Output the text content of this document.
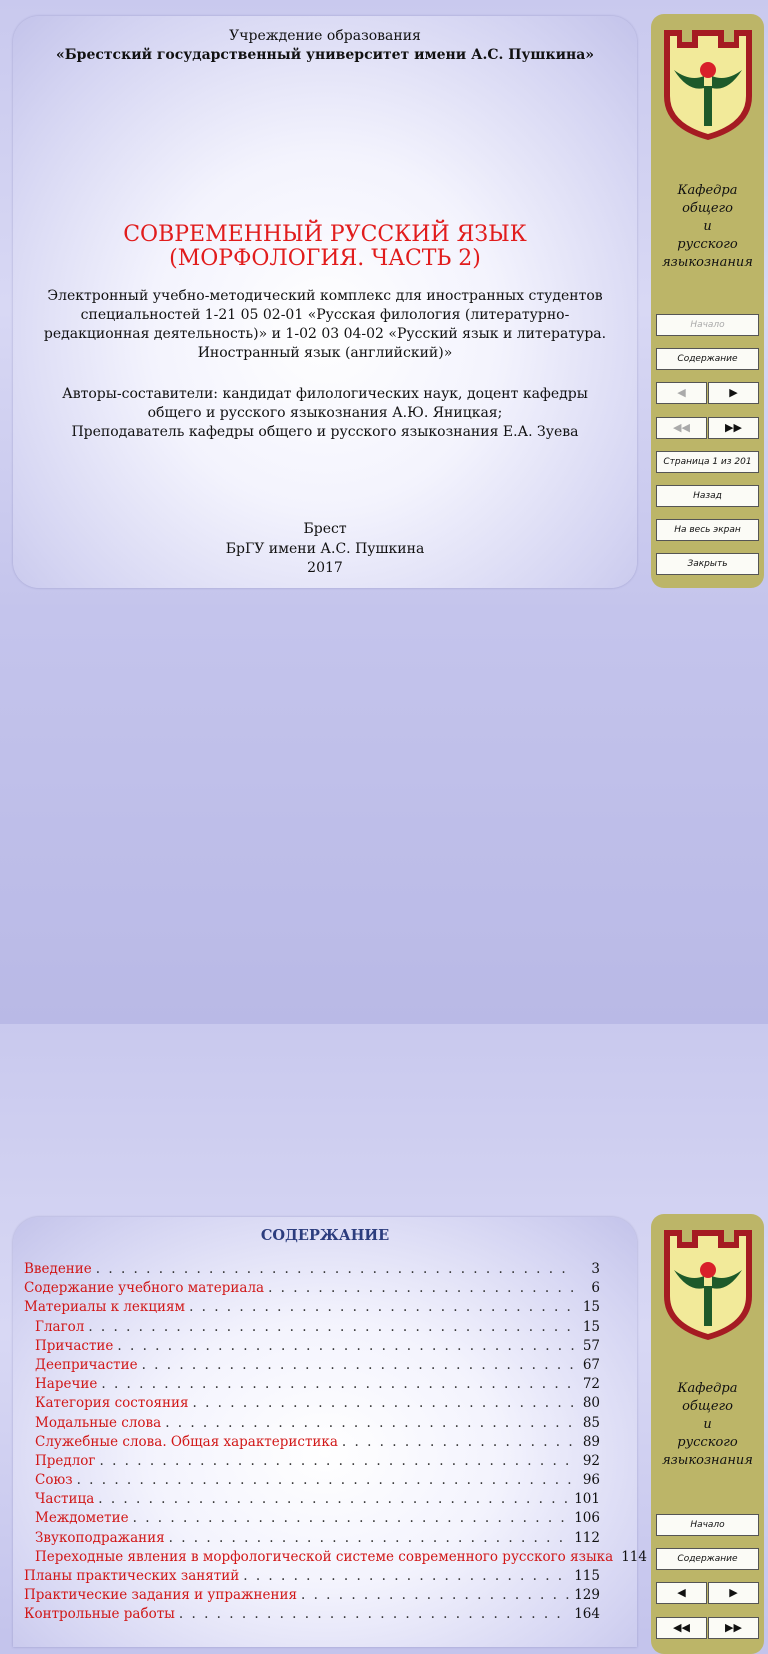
Учреждение образования
«Брестский государственный университет имени А.С. Пушкина»
СОВРЕМЕННЫЙ РУССКИЙ ЯЗЫК
(МОРФОЛОГИЯ. ЧАСТЬ 2)
Электронный учебно-методический комплекс для иностранных студентов специальностей 1-21 05 02-01 «Русская филология (литературно-редакционная деятельность)» и 1-02 03 04-02 «Русский язык и литература. Иностранный язык (английский)»
Авторы-составители: кандидат филологических наук, доцент кафедры общего и русского языкознания А.Ю. Яницкая;
Преподаватель кафедры общего и русского языкознания Е.А. Зуева
Брест
БрГУ имени А.С. Пушкина
2017
Кафедра
общего
и
русского
языкознания
Начало
Содержание
◀	▶
◀◀	▶▶
Страница 1 из 201
Назад
На весь экран
Закрыть
СОДЕРЖАНИЕ
Введение . . .	3
Содержание учебного материала . . .	6
Материалы к лекциям . . .	15
Глагол . . .	15
Причастие . . .	57
Деепричастие . . .	67
Наречие . . .	72
Категория состояния . . .	80
Модальные слова . . .	85
Служебные слова. Общая характеристика . . .	89
Предлог . . .	92
Союз . . .	96
Частица . . .	101
Междометие . . .	106
Звукоподражания . . .	112
Переходные явления в морфологической системе современного русского языка 114
Планы практических занятий . . .	115
Практические задания и упражнения . . .	129
Контрольные работы . . .	164
Кафедра
общего
и
русского
языкознания
Начало
Содержание
◀	▶
◀◀	▶▶
